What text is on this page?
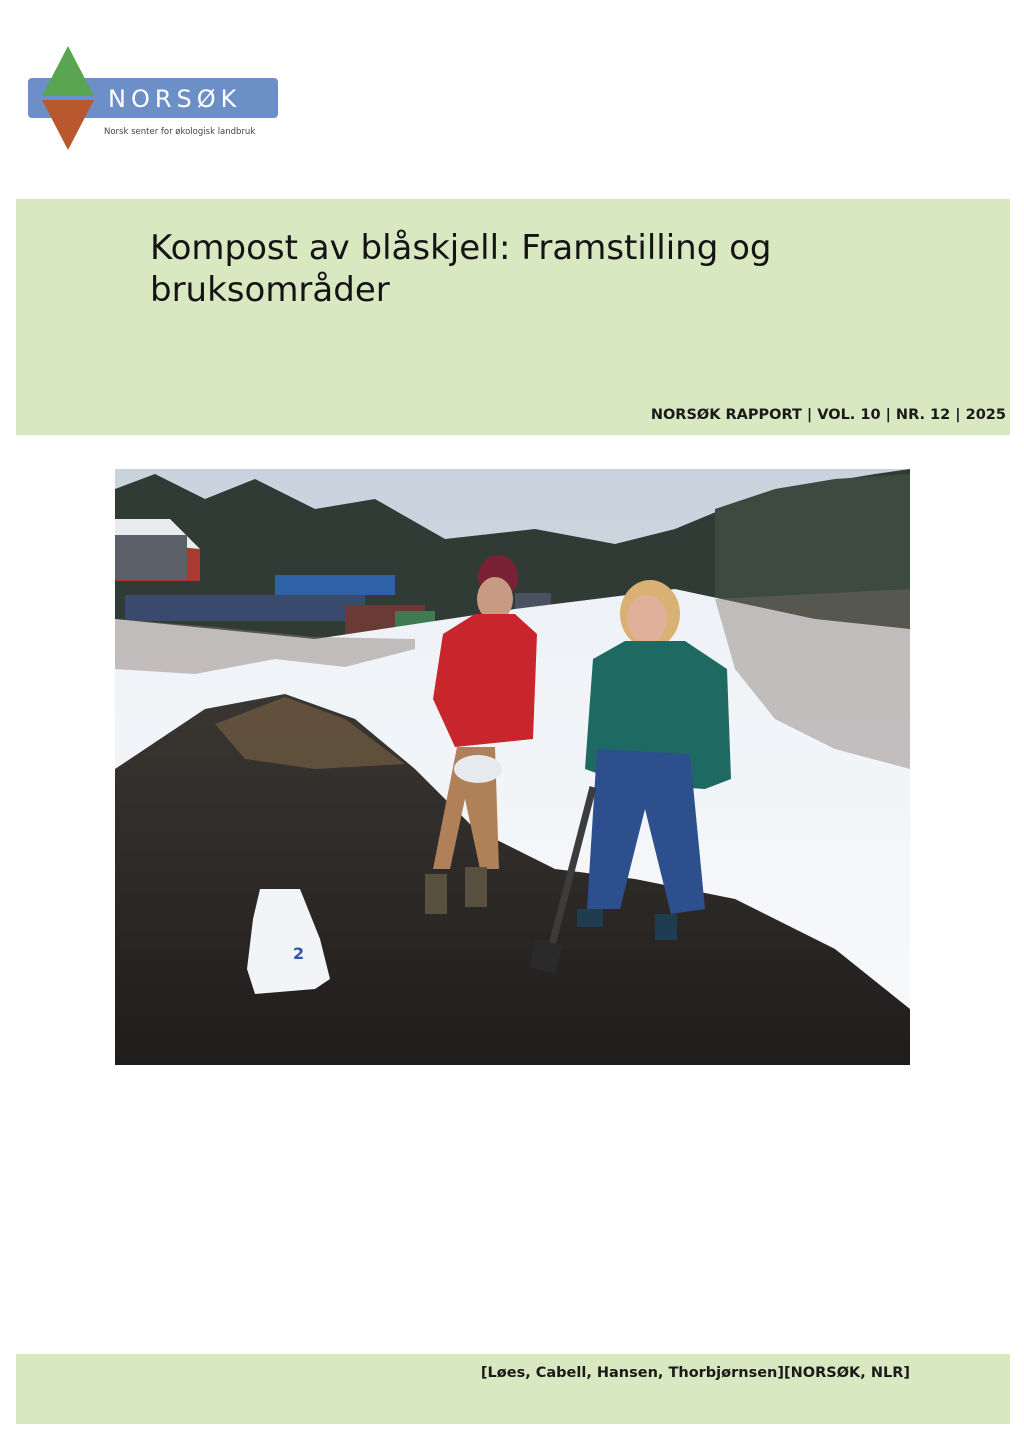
NORSØK
Norsk senter for økologisk landbruk
Kompost av blåskjell: Framstilling og bruksområder
NORSØK RAPPORT | VOL. 10 | NR. 12 | 2025
2
[Løes, Cabell, Hansen, Thorbjørnsen][NORSØK, NLR]
